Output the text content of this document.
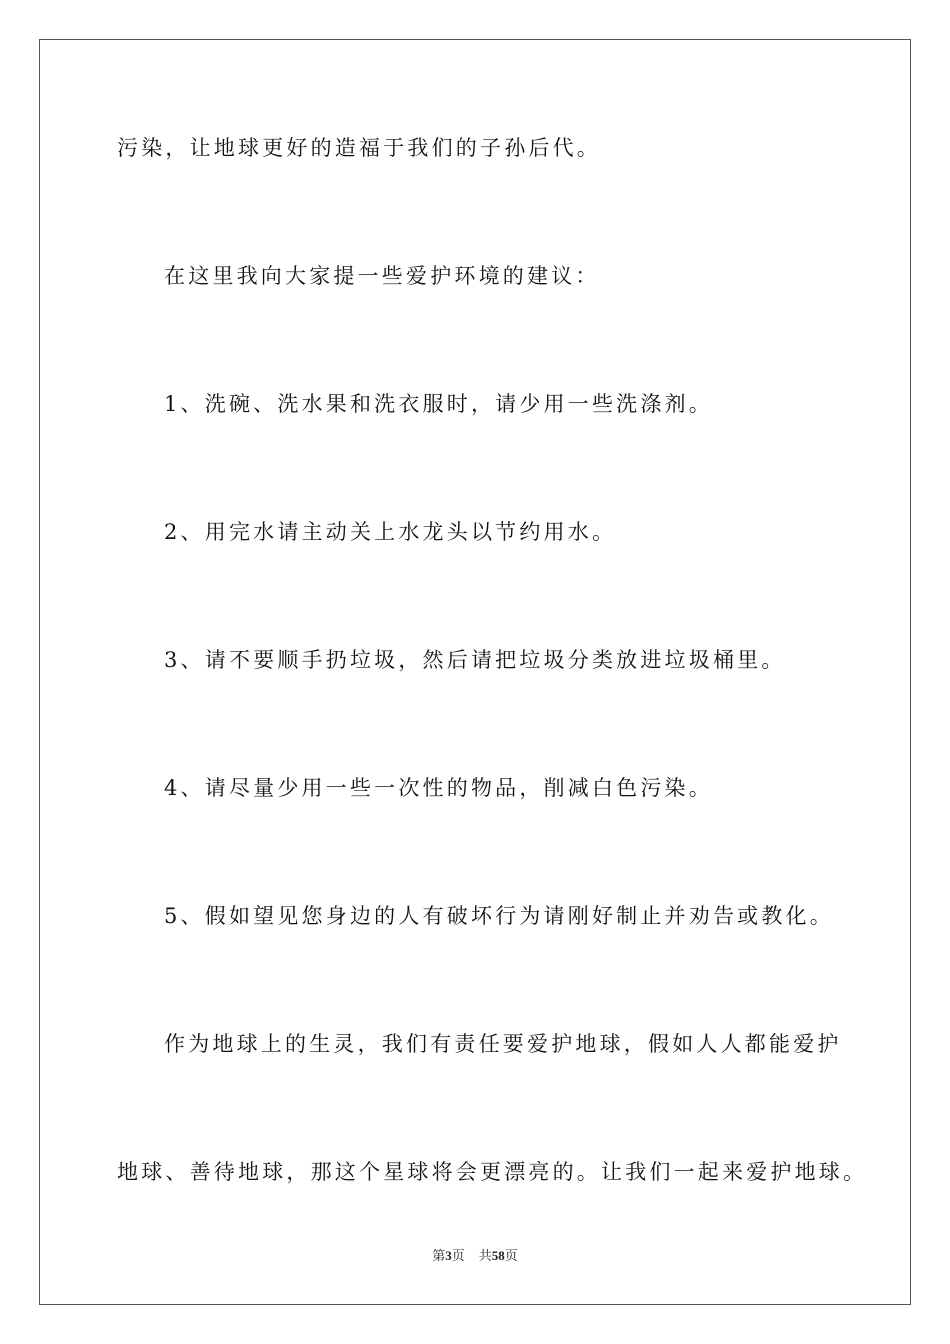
污染，让地球更好的造福于我们的子孙后代。
在这里我向大家提一些爱护环境的建议：
1、洗碗、洗水果和洗衣服时，请少用一些洗涤剂。
2、用完水请主动关上水龙头以节约用水。
3、请不要顺手扔垃圾，然后请把垃圾分类放进垃圾桶里。
4、请尽量少用一些一次性的物品，削减白色污染。
5、假如望见您身边的人有破坏行为请刚好制止并劝告或教化。
作为地球上的生灵，我们有责任要爱护地球，假如人人都能爱护
地球、善待地球，那这个星球将会更漂亮的。让我们一起来爱护地球。
第3页 共58页
